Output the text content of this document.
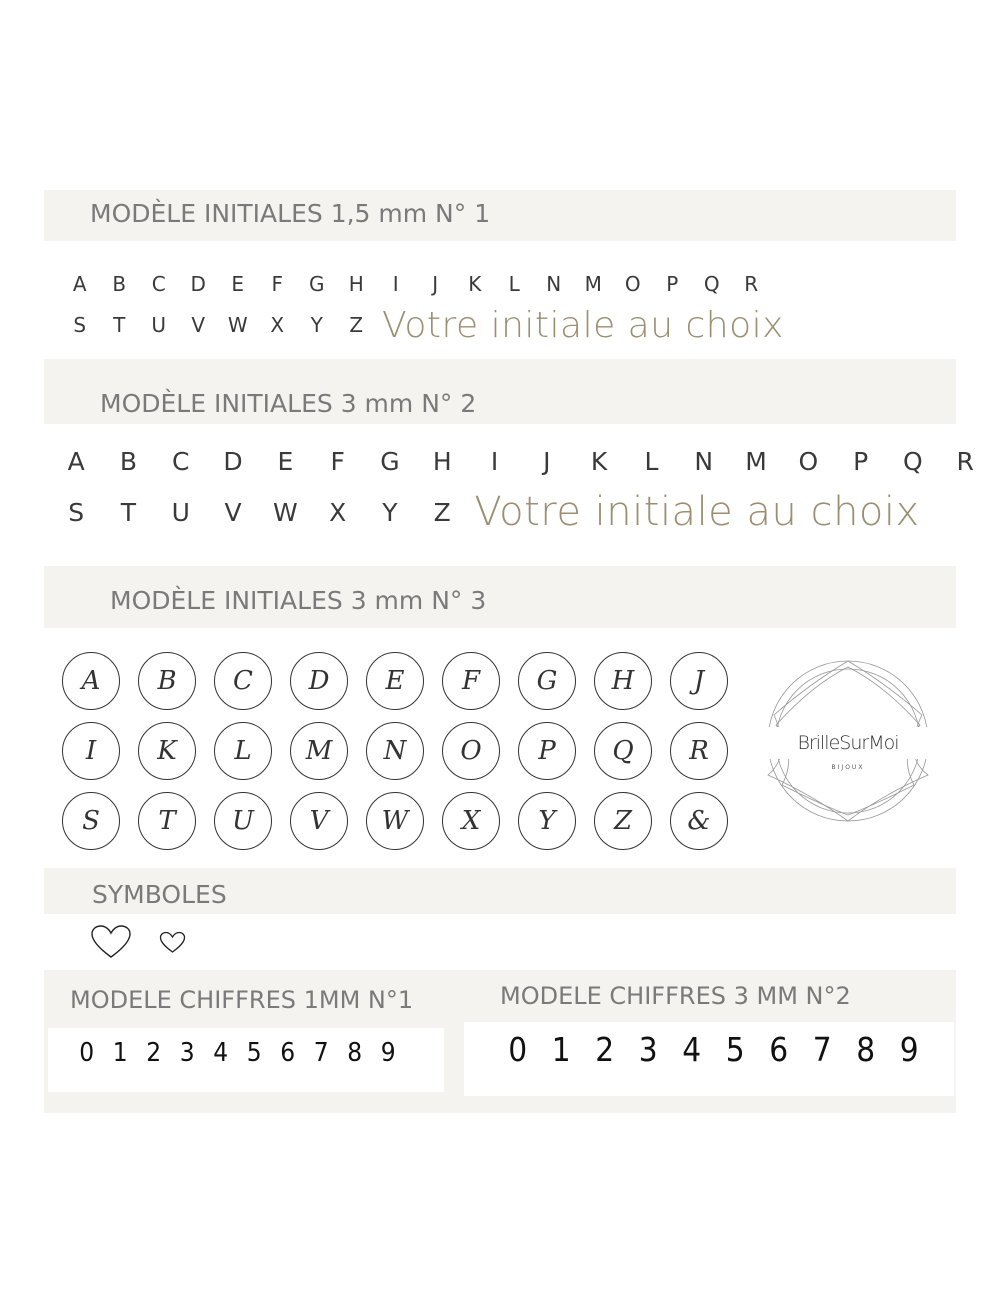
MODÈLE INITIALES 1,5 mm N° 1
A	B	C	D	E	F	G	H	I	J	K	L	N	M	O	P	Q	R
S	T	U	V	W	X	Y	Z Votre initiale au choix
MODÈLE INITIALES 3 mm N° 2
A	B	C	D	E	F	G	H	I	J	K	L	N	M	O	P	Q	R
S	T	U	V	W	X	Y	Z Votre initiale au choix
MODÈLE INITIALES 3 mm N° 3
A	B	C	D	E	F	G	H	J
I	K	L	M	N	O	P	Q	R
S	T	U	V	W	X	Y	Z	&
BrilleSurMoi
BIJOUX
SYMBOLES
MODELE CHIFFRES 1MM N°1	MODELE CHIFFRES 3 MM N°2
0 1 2 3 4 5 6 7 8 9	0 1 2 3 4 5 6 7 8 9
